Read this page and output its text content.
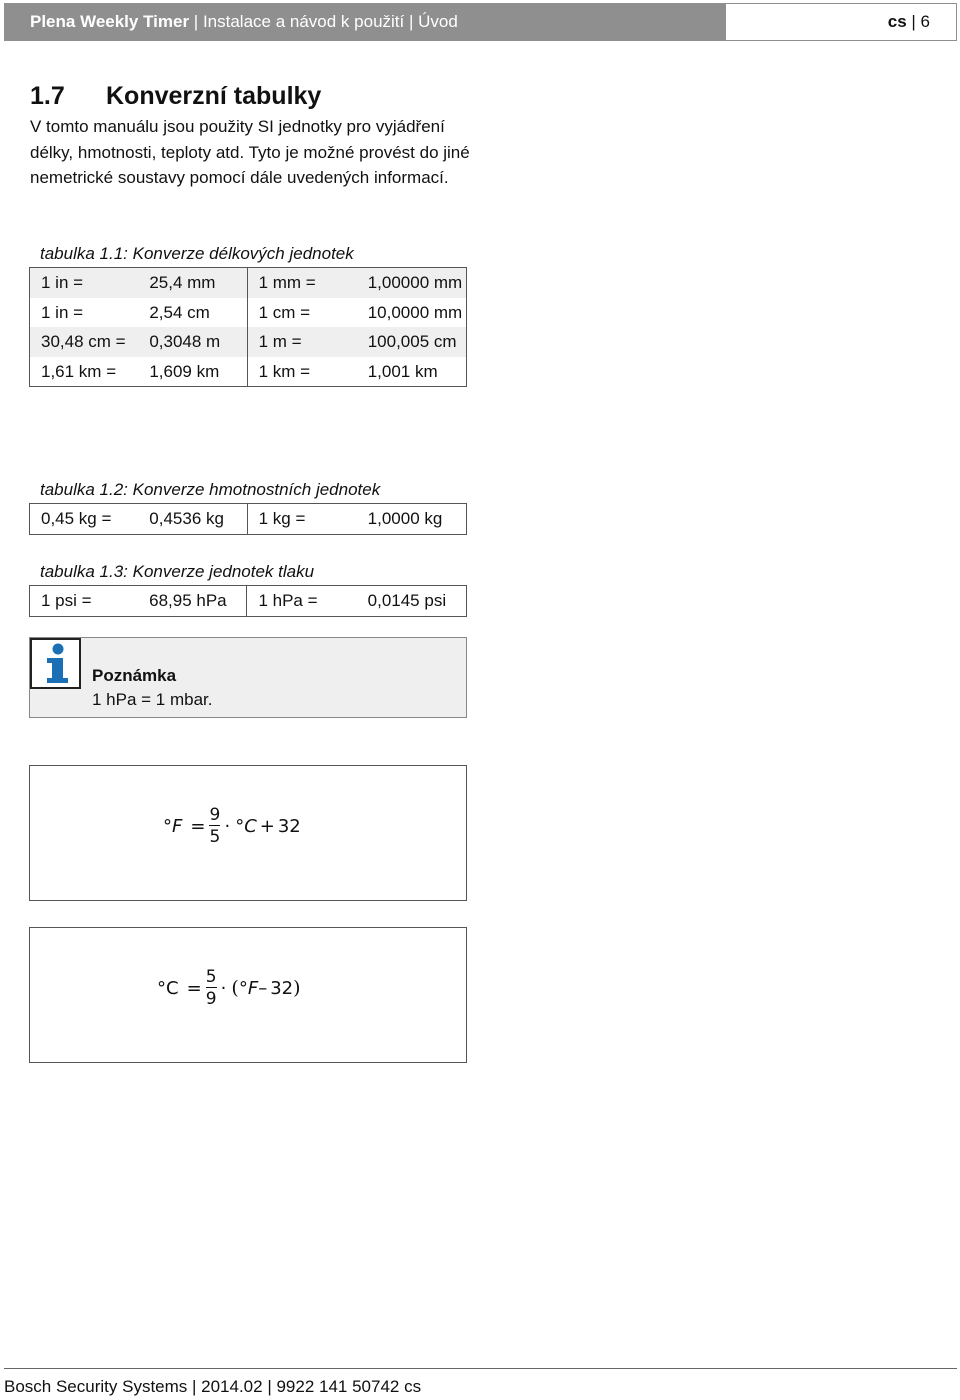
Plena Weekly Timer | Instalace a návod k použití | Úvod	cs | 6
1.7 Konverzní tabulky
V tomto manuálu jsou použity SI jednotky pro vyjádření délky, hmotnosti, teploty atd. Tyto je možné provést do jiné nemetrické soustavy pomocí dále uvedených informací.
tabulka 1.1: Konverze délkových jednotek
1 in =	25,4 mm	1 mm =	1,00000 mm
1 in =	2,54 cm	1 cm =	10,0000 mm
30,48 cm =	0,3048 m	1 m =	100,005 cm
1,61 km =	1,609 km	1 km =	1,001 km
tabulka 1.2: Konverze hmotnostních jednotek
0,45 kg =	0,4536 kg	1 kg =	1,0000 kg
tabulka 1.3: Konverze jednotek tlaku
1 psi =	68,95 hPa	1 hPa =	0,0145 psi
Poznámka
1 hPa = 1 mbar.
° $F = \frac{9}{5}$ · ° C + 32
° $C = \frac{5}{9}$ · ( ° F – 32 )
Bosch Security Systems | 2014.02 | 9922 141 50742 cs
